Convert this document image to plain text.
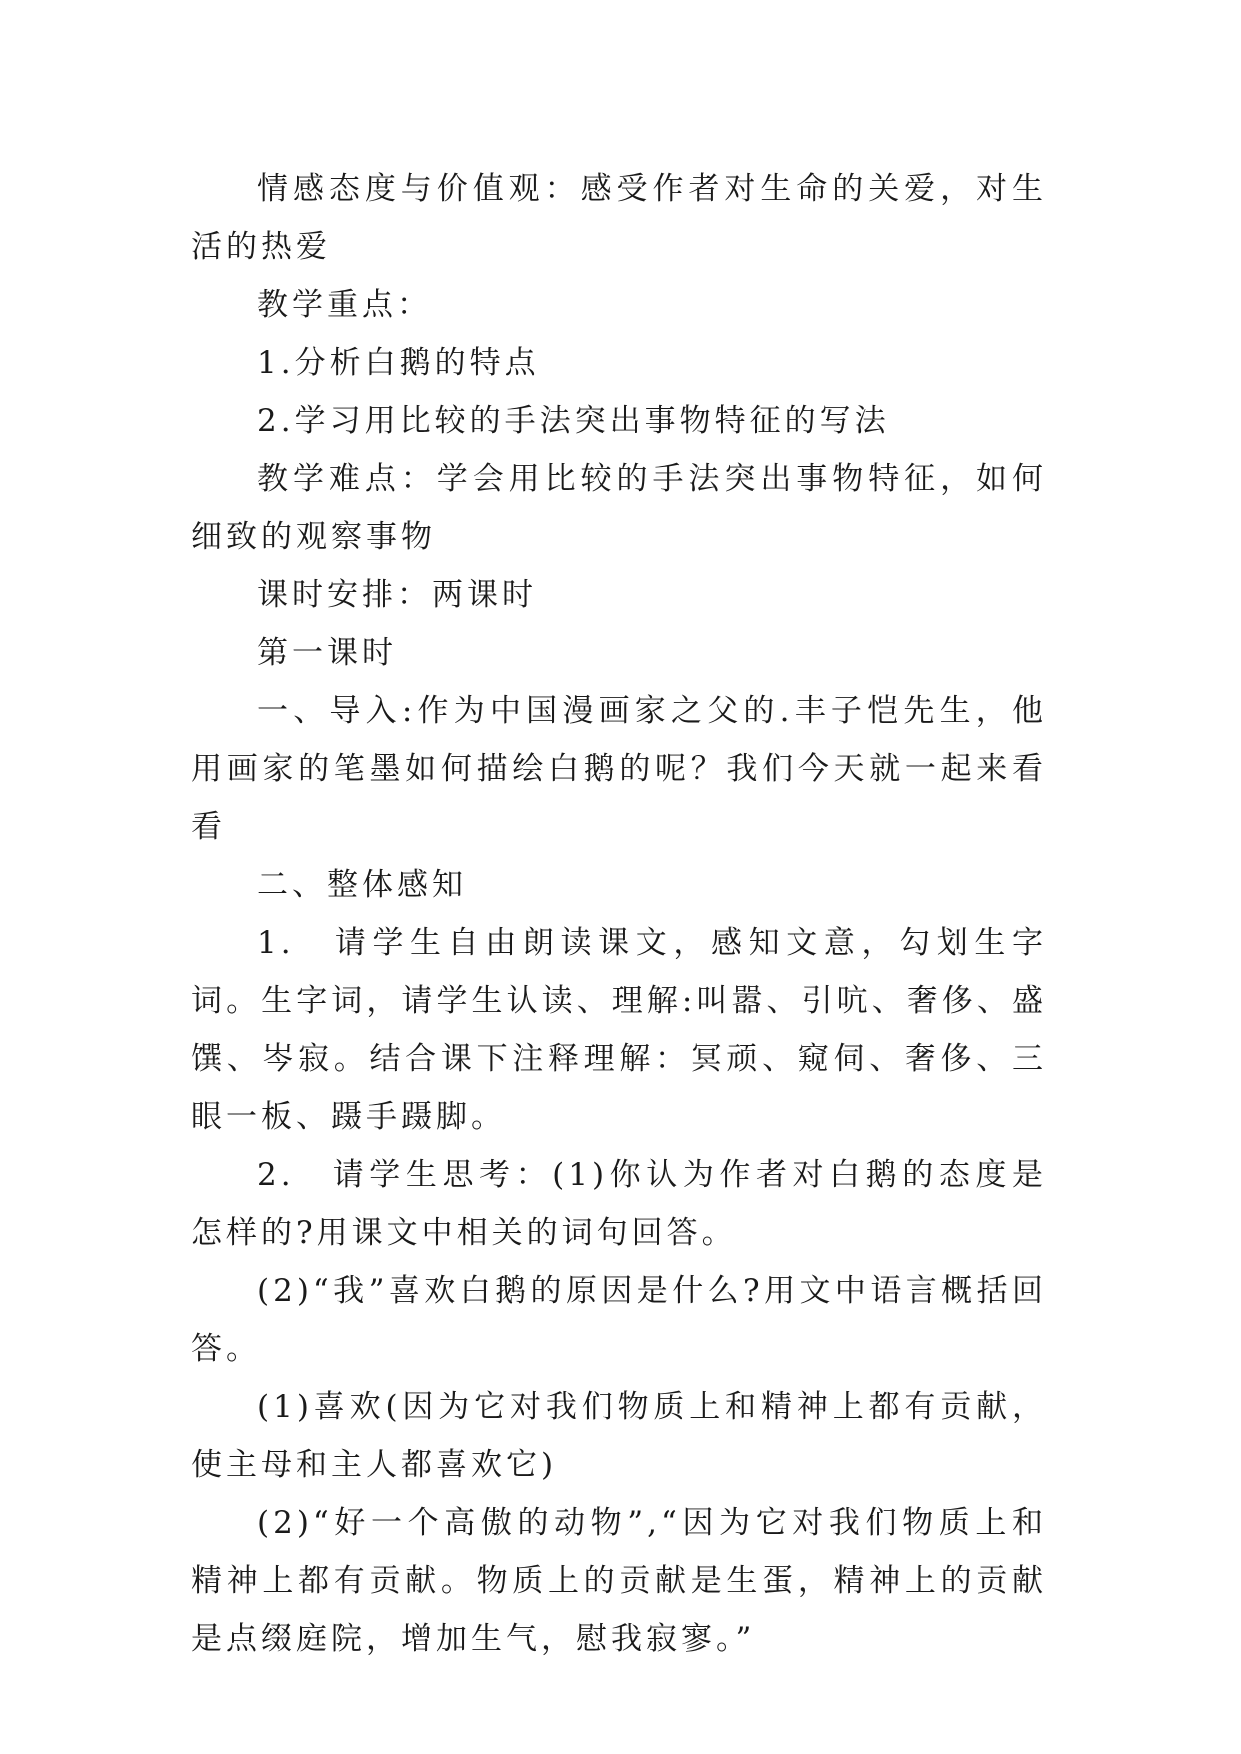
情感态度与价值观：感受作者对生命的关爱，对生活的热爱

教学重点：

1.分析白鹅的特点

2.学习用比较的手法突出事物特征的写法

教学难点：学会用比较的手法突出事物特征，如何细致的观察事物

课时安排：两课时

第一课时

一、导入:作为中国漫画家之父的.丰子恺先生，他用画家的笔墨如何描绘白鹅的呢？我们今天就一起来看看

二、整体感知

1.　请学生自由朗读课文，感知文意，勾划生字词。生字词，请学生认读、理解:叫嚣、引吭、奢侈、盛馔、岑寂。结合课下注释理解：冥顽、窥伺、奢侈、三眼一板、蹑手蹑脚。

2.　请学生思考：(1)你认为作者对白鹅的态度是怎样的?用课文中相关的词句回答。

(2)“我”喜欢白鹅的原因是什么?用文中语言概括回答。

(1)喜欢(因为它对我们物质上和精神上都有贡献，使主母和主人都喜欢它)

(2)“好一个高傲的动物”,“因为它对我们物质上和精神上都有贡献。物质上的贡献是生蛋，精神上的贡献是点缀庭院，增加生气，慰我寂寥。”
